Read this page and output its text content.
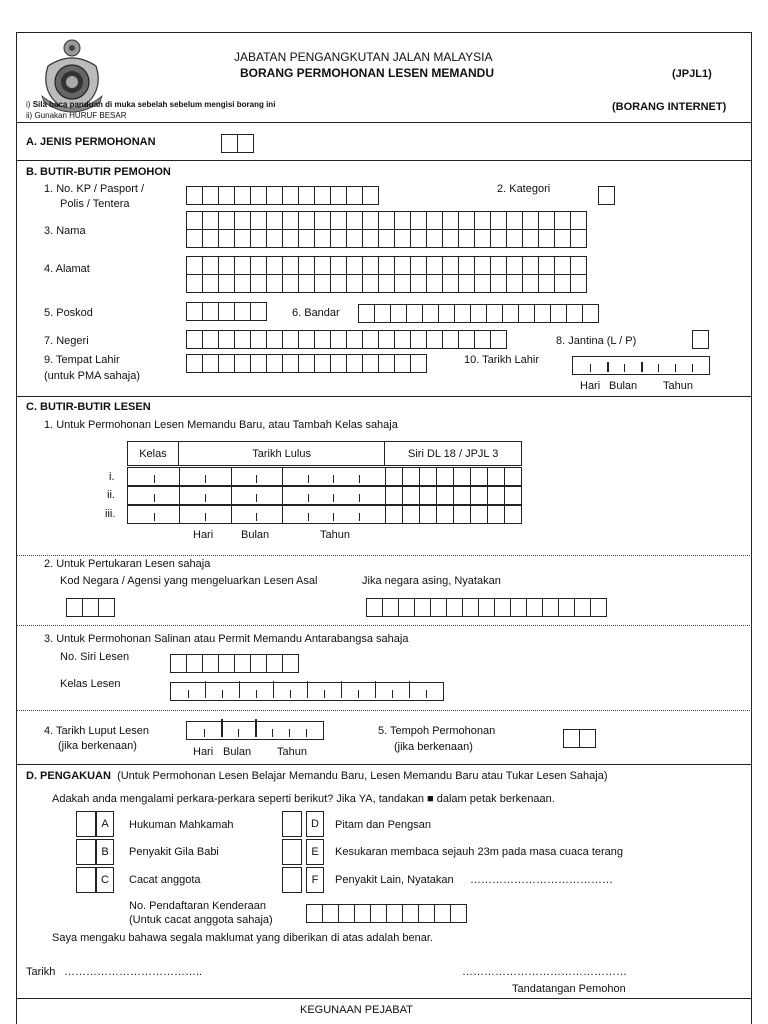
JABATAN PENGANGKUTAN JALAN MALAYSIA
BORANG PERMOHONAN LESEN MEMANDU	(JPJL1)
i) Sila baca panduan di muka sebelah sebelum mengisi borang ini
ii) Gunakan HURUF BESAR
(BORANG INTERNET)
A. JENIS PERMOHONAN
B. BUTIR-BUTIR PEMOHON
1. No. KP / Pasport /
Polis / Tentera
2. Kategori
3. Nama
4. Alamat
5. Poskod	6. Bandar
7. Negeri	8. Jantina (L / P)
9. Tempat Lahir
(untuk PMA sahaja)
10. Tarikh Lahir
Hari Bulan Tahun
C. BUTIR-BUTIR LESEN
1. Untuk Permohonan Lesen Memandu Baru, atau Tambah Kelas sahaja
Kelas	Tarikh Lulus	Siri DL 18 / JPJL 3
i.
ii.
iii.
Hari	Bulan	Tahun
2. Untuk Pertukaran Lesen sahaja
Kod Negara / Agensi yang mengeluarkan Lesen Asal	Jika negara asing, Nyatakan
3. Untuk Permohonan Salinan atau Permit Memandu Antarabangsa sahaja
No. Siri Lesen
Kelas Lesen
4. Tarikh Luput Lesen
(jika berkenaan)	Hari Bulan Tahun
5. Tempoh Permohonan
(jika berkenaan)
D. PENGAKUAN (Untuk Permohonan Lesen Belajar Memandu Baru, Lesen Memandu Baru atau Tukar Lesen Sahaja)
Adakah anda mengalami perkara-perkara seperti berikut? Jika YA, tandakan ■ dalam petak berkenaan.
A	Hukuman Mahkamah
B	Penyakit Gila Babi
C	Cacat anggota
D	Pitam dan Pengsan
E	Kesukaran membaca sejauh 23m pada masa cuaca terang
F	Penyakit Lain, Nyatakan …………………………………
No. Pendaftaran Kenderaan
(Untuk cacat anggota sahaja)
Saya mengaku bahawa segala maklumat yang diberikan di atas adalah benar.
Tarikh ………………………………..	………………………………………
Tandatangan Pemohon
KEGUNAAN PEJABAT
